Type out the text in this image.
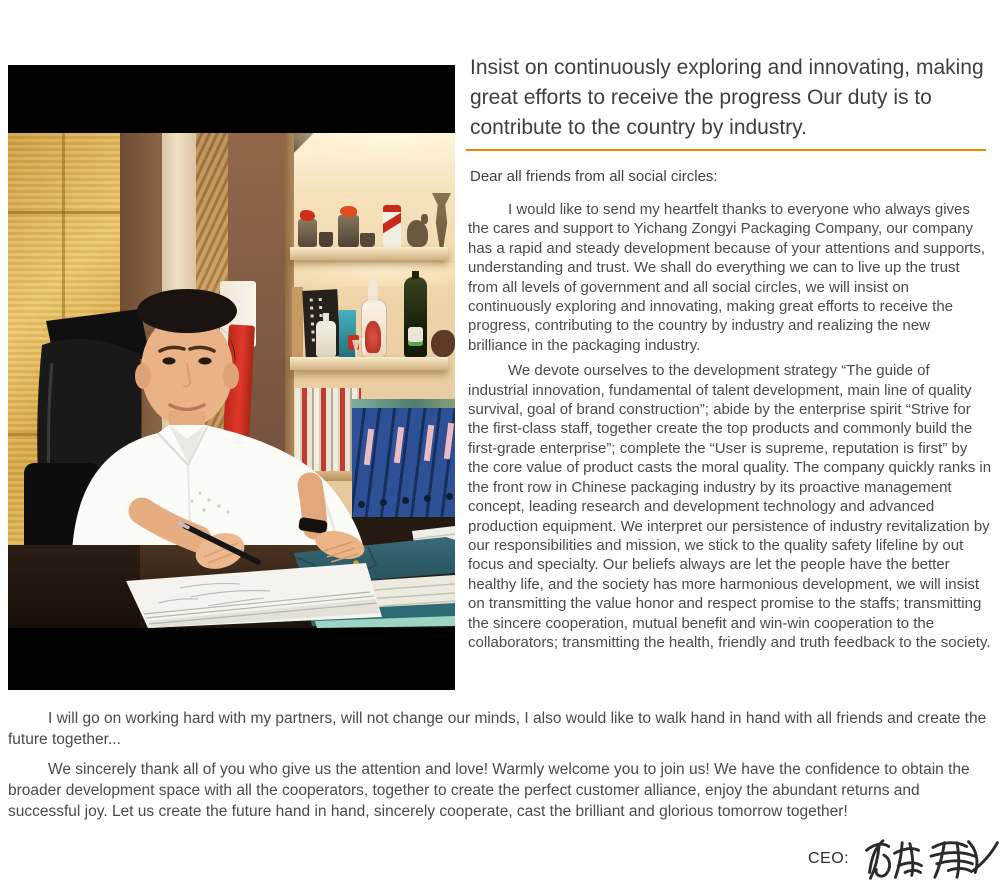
Insist on continuously exploring and innovating, making great efforts to receive the progress Our duty is to contribute to the country by industry.
Dear all friends from all social circles:

I would like to send my heartfelt thanks to everyone who always gives the cares and support to Yichang Zongyi Packaging Company, our company has a rapid and steady development because of your attentions and supports, understanding and trust. We shall do everything we can to live up the trust from all levels of government and all social circles, we will insist on continuously exploring and innovating, making great efforts to receive the progress, contributing to the country by industry and realizing the new brilliance in the packaging industry.

We devote ourselves to the development strategy “The guide of industrial innovation, fundamental of talent development, main line of quality survival, goal of brand construction”; abide by the enterprise spirit “Strive for the first-class staff, together create the top products and commonly build the first-grade enterprise”; complete the “User is supreme, reputation is first” by the core value of product casts the moral quality. The company quickly ranks in the front row in Chinese packaging industry by its proactive management concept, leading research and development technology and advanced production equipment. We interpret our persistence of industry revitalization by our responsibilities and mission, we stick to the quality safety lifeline by out focus and specialty. Our beliefs always are let the people have the better healthy life, and the society has more harmonious development, we will insist on transmitting the value honor and respect promise to the staffs; transmitting the sincere cooperation, mutual benefit and win-win cooperation to the collaborators; transmitting the health, friendly and truth feedback to the society.

I will go on working hard with my partners, will not change our minds, I also would like to walk hand in hand with all friends and create the future together...

We sincerely thank all of you who give us the attention and love! Warmly welcome you to join us! We have the confidence to obtain the broader development space with all the cooperators, together to create the perfect customer alliance, enjoy the abundant returns and successful joy. Let us create the future hand in hand, sincerely cooperate, cast the brilliant and glorious tomorrow together!

CEO:
